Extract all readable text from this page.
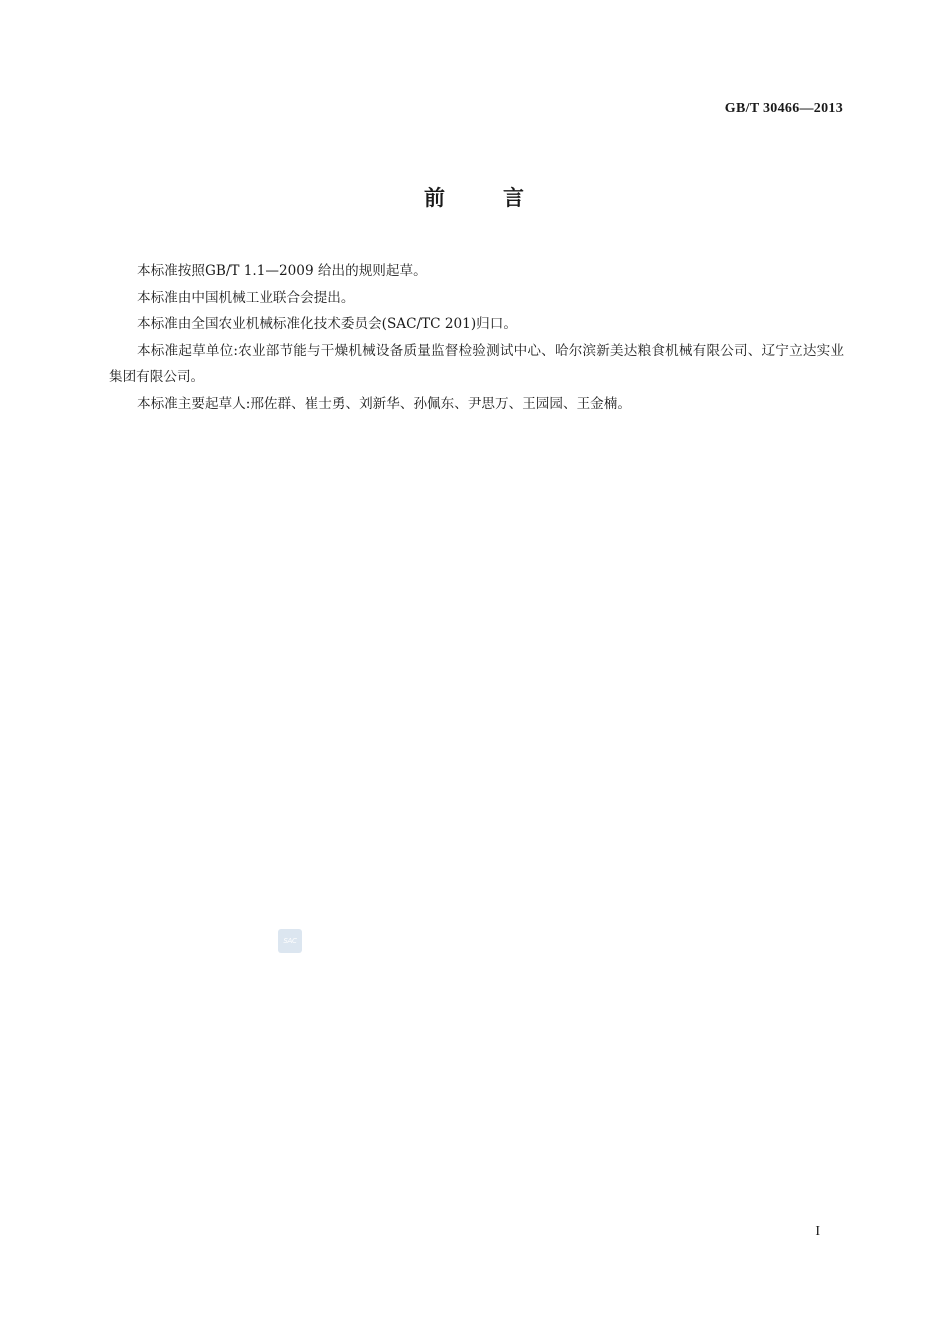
GB/T 30466—2013
前	言

本标准按照GB/T 1.1—2009 给出的规则起草。

本标准由中国机械工业联合会提出。

本标准由全国农业机械标准化技术委员会(SAC/TC 201)归口。

本标准起草单位:农业部节能与干燥机械设备质量监督检验测试中心、哈尔滨新美达粮食机械有限公司、辽宁立达实业集团有限公司。

本标准主要起草人:邢佐群、崔士勇、刘新华、孙佩东、尹思万、王园园、王金楠。

SAC
I
